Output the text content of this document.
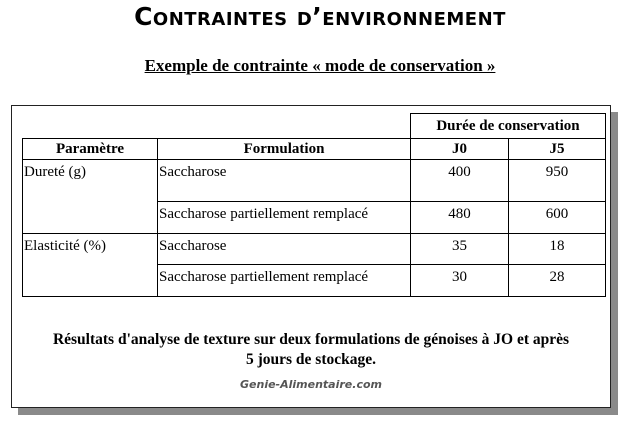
Contraintes d’environnement
Exemple de contrainte « mode de conservation »
		Durée de conservation	
Paramètre	Formulation	J0	J5

Dureté (g)	Saccharose	400	950

	Saccharose partiellement remplacé	480	600

Elasticité (%)	Saccharose	35	18

	Saccharose partiellement remplacé	30	28
Résultats d'analyse de texture sur deux formulations de génoises à JO et après
5 jours de stockage.
Genie-Alimentaire.com
